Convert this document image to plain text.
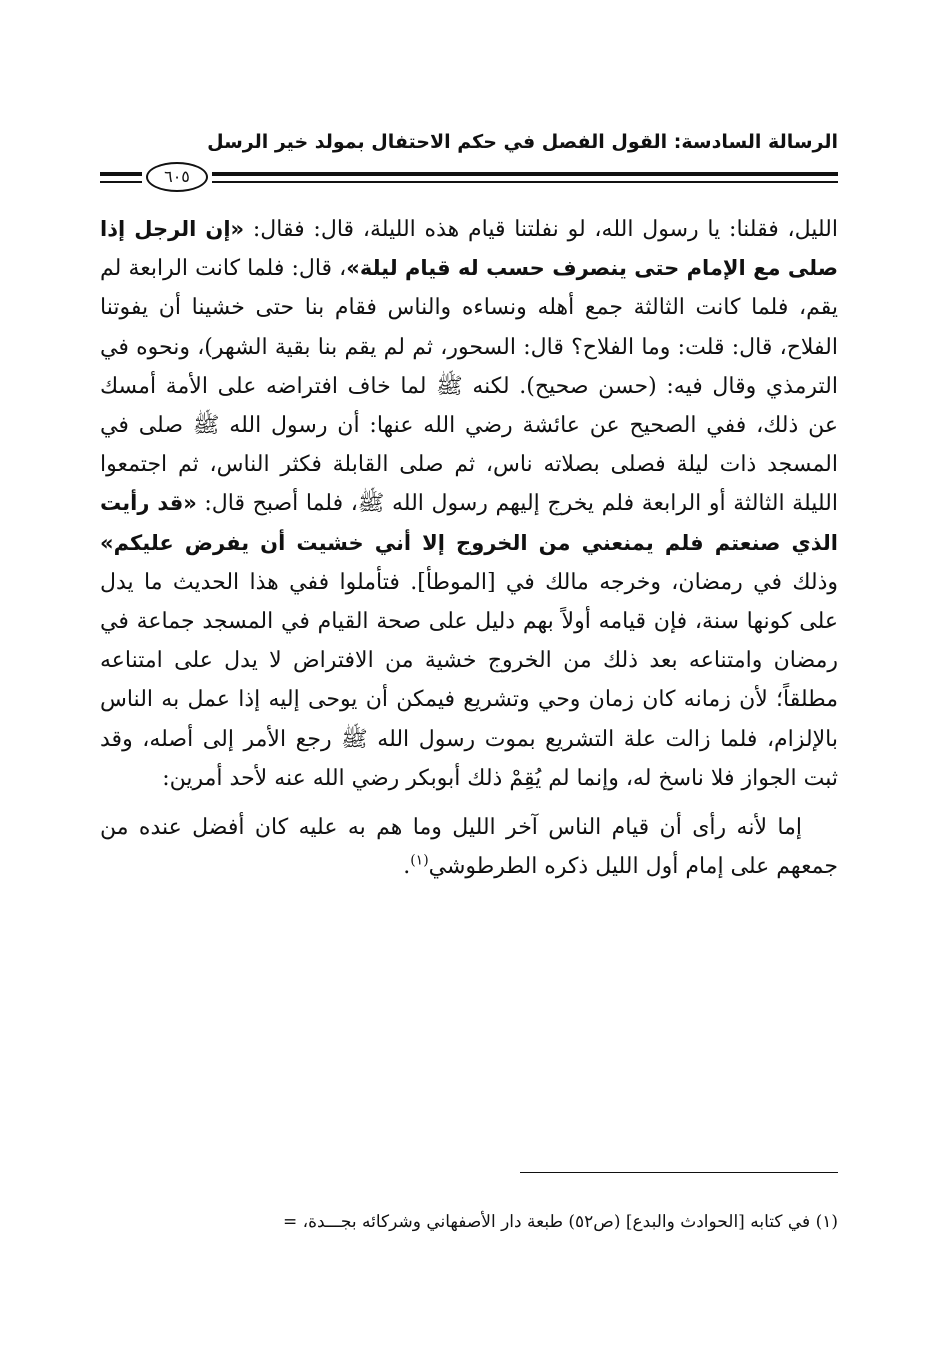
الرسالة السادسة: القول الفصل في حكم الاحتفال بمولد خير الرسل
٦٠٥

الليل، فقلنا: يا رسول الله، لو نفلتنا قيام هذه الليلة، قال: فقال: «إن الرجل إذا صلى مع الإمام حتى ينصرف حسب له قيام ليلة»، قال: فلما كانت الرابعة لم يقم، فلما كانت الثالثة جمع أهله ونساءه والناس فقام بنا حتى خشينا أن يفوتنا الفلاح، قال: قلت: وما الفلاح؟ قال: السحور، ثم لم يقم بنا بقية الشهر)، ونحوه في الترمذي وقال فيه: (حسن صحيح). لكنه ﷺ لما خاف افتراضه على الأمة أمسك عن ذلك، ففي الصحيح عن عائشة رضي الله عنها: أن رسول الله ﷺ صلى في المسجد ذات ليلة فصلى بصلاته ناس، ثم صلى القابلة فكثر الناس، ثم اجتمعوا الليلة الثالثة أو الرابعة فلم يخرج إليهم رسول الله ﷺ، فلما أصبح قال: «قد رأيت الذي صنعتم فلم يمنعني من الخروج إلا أني خشيت أن يفرض عليكم» وذلك في رمضان، وخرجه مالك في [الموطأ]. فتأملوا ففي هذا الحديث ما يدل على كونها سنة، فإن قيامه أولاً بهم دليل على صحة القيام في المسجد جماعة في رمضان وامتناعه بعد ذلك من الخروج خشية من الافتراض لا يدل على امتناعه مطلقاً؛ لأن زمانه كان زمان وحي وتشريع فيمكن أن يوحى إليه إذا عمل به الناس بالإلزام، فلما زالت علة التشريع بموت رسول الله ﷺ رجع الأمر إلى أصله، وقد ثبت الجواز فلا ناسخ له، وإنما لم يُقِمْ ذلك أبوبكر رضي الله عنه لأحد أمرين:

إما لأنه رأى أن قيام الناس آخر الليل وما هم به عليه كان أفضل عنده من جمعهم على إمام أول الليل ذكره الطرطوشي$^{(١)}$.

(١) في كتابه [الحوادث والبدع] (ص٥٢) طبعة دار الأصفهاني وشركائه بجـــدة، =
